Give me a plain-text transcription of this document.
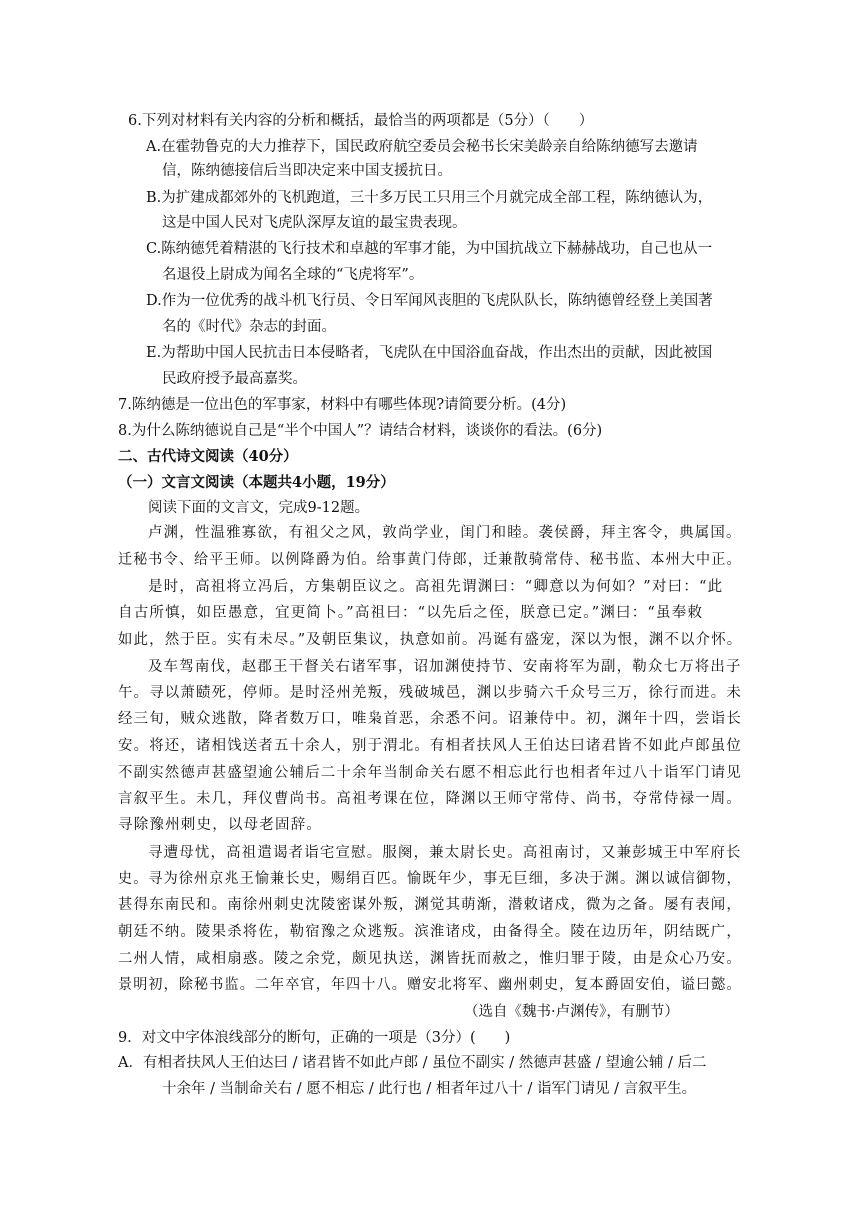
6.下列对材料有关内容的分析和概括，最恰当的两项都是（5分）（　　）
A.在霍勃鲁克的大力推荐下，国民政府航空委员会秘书长宋美龄亲自给陈纳德写去邀请
信，陈纳德接信后当即决定来中国支援抗日。
B.为扩建成都郊外的飞机跑道，三十多万民工只用三个月就完成全部工程，陈纳德认为，
这是中国人民对飞虎队深厚友谊的最宝贵表现。
C.陈纳德凭着精湛的飞行技术和卓越的军事才能，为中国抗战立下赫赫战功，自己也从一
名退役上尉成为闻名全球的“飞虎将军”。
D.作为一位优秀的战斗机飞行员、令日军闻风丧胆的飞虎队队长，陈纳德曾经登上美国著
名的《时代》杂志的封面。
E.为帮助中国人民抗击日本侵略者，飞虎队在中国浴血奋战，作出杰出的贡献，因此被国
民政府授予最高嘉奖。
7.陈纳德是一位出色的军事家，材料中有哪些体现?请简要分析。(4分)
8.为什么陈纳德说自己是“半个中国人”？请结合材料，谈谈你的看法。(6分)
二、古代诗文阅读（40分）
（一）文言文阅读（本题共4小题，19分）
阅读下面的文言文，完成9-12题。
卢渊，性温雅寡欲，有祖父之风，敦尚学业，闺门和睦。袭侯爵，拜主客令，典属国。
迁秘书令、给平王师。以例降爵为伯。给事黄门侍郎，迁兼散骑常侍、秘书监、本州大中正。
是时，高祖将立冯后，方集朝臣议之。高祖先谓渊曰：“卿意以为何如？”对曰：“此
自古所慎，如臣愚意，宜更简卜。”高祖曰：“以先后之侄，朕意已定。”渊曰：“虽奉敕
如此，然于臣。实有未尽。”及朝臣集议，执意如前。冯诞有盛宠，深以为恨，渊不以介怀。
及车驾南伐，赵郡王干督关右诸军事，诏加渊使持节、安南将军为副，勒众七万将出子
午。寻以萧赜死，停师。是时泾州羌叛，残破城邑，渊以步骑六千众号三万，徐行而进。未
经三旬，贼众逃散，降者数万口，唯枭首恶，余悉不问。诏兼侍中。初，渊年十四，尝诣长
安。将还，诸相饯送者五十余人，别于渭北。有相者扶风人王伯达曰诸君皆不如此卢郎虽位
不副实然德声甚盛望逾公辅后二十余年当制命关右愿不相忘此行也相者年过八十诣军门请见
言叙平生。未几，拜仪曹尚书。高祖考课在位，降渊以王师守常侍、尚书，夺常侍禄一周。
寻除豫州刺史，以母老固辞。
寻遭母忧，高祖遣谒者诣宅宣慰。服阕，兼太尉长史。高祖南讨，又兼彭城王中军府长
史。寻为徐州京兆王愉兼长史，赐绢百匹。愉既年少，事无巨细，多决于渊。渊以诚信御物，
甚得东南民和。南徐州刺史沈陵密谋外叛，渊觉其萌渐，潜敕诸戍，微为之备。屡有表闻，
朝廷不纳。陵果杀将佐，勒宿豫之众逃叛。滨淮诸戍，由备得全。陵在边历年，阴结既广，
二州人情，咸相扇惑。陵之余党，颇见执送，渊皆抚而赦之，惟归罪于陵，由是众心乃安。
景明初，除秘书监。二年卒官，年四十八。赠安北将军、幽州刺史，复本爵固安伯，谥曰懿。
（选自《魏书·卢渊传》，有删节）
9．对文中字体浪线部分的断句，正确的一项是（3分）(　　)
A．有相者扶风人王伯达曰 / 诸君皆不如此卢郎 / 虽位不副实 / 然德声甚盛 / 望逾公辅 / 后二
十余年 / 当制命关右 / 愿不相忘 / 此行也 / 相者年过八十 / 诣军门请见 / 言叙平生。
